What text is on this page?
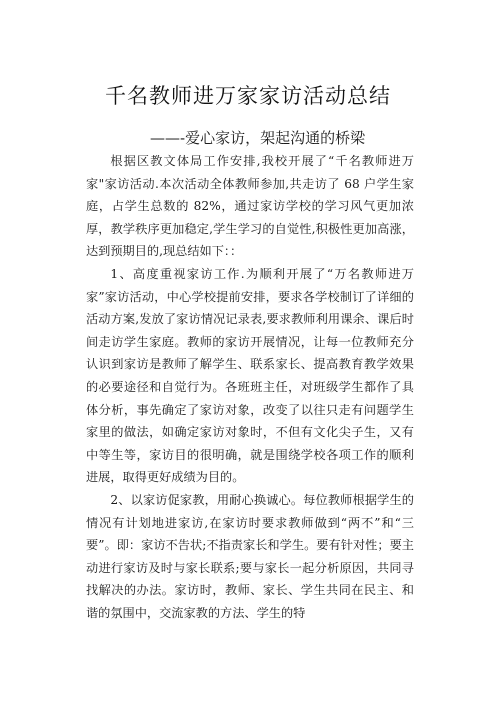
千名教师进万家家访活动总结
——-爱心家访，架起沟通的桥梁

根据区教文体局工作安排,我校开展了“千名教师进万家"家访活动.本次活动全体教师参加,共走访了 68 户学生家庭，占学生总数的 82%，通过家访学校的学习风气更加浓厚，教学秩序更加稳定,学生学习的自觉性,积极性更加高涨，达到预期目的,现总结如下：：

1、高度重视家访工作.为顺利开展了“万名教师进万家”家访活动，中心学校提前安排，要求各学校制订了详细的活动方案,发放了家访情况记录表,要求教师利用课余、课后时间走访学生家庭。教师的家访开展情况，让每一位教师充分认识到家访是教师了解学生、联系家长、提高教育教学效果的必要途径和自觉行为。各班班主任，对班级学生都作了具体分析，事先确定了家访对象，改变了以往只走有问题学生家里的做法，如确定家访对象时，不但有文化尖子生，又有中等生等，家访目的很明确，就是围绕学校各项工作的顺利进展，取得更好成绩为目的。

2、以家访促家教，用耐心换诚心。每位教师根据学生的情况有计划地进家访,在家访时要求教师做到“两不”和“三要”。即：家访不告状;不指责家长和学生。要有针对性；要主动进行家访及时与家长联系;要与家长一起分析原因，共同寻找解决的办法。家访时，教师、家长、学生共同在民主、和谐的氛围中，交流家教的方法、学生的特
